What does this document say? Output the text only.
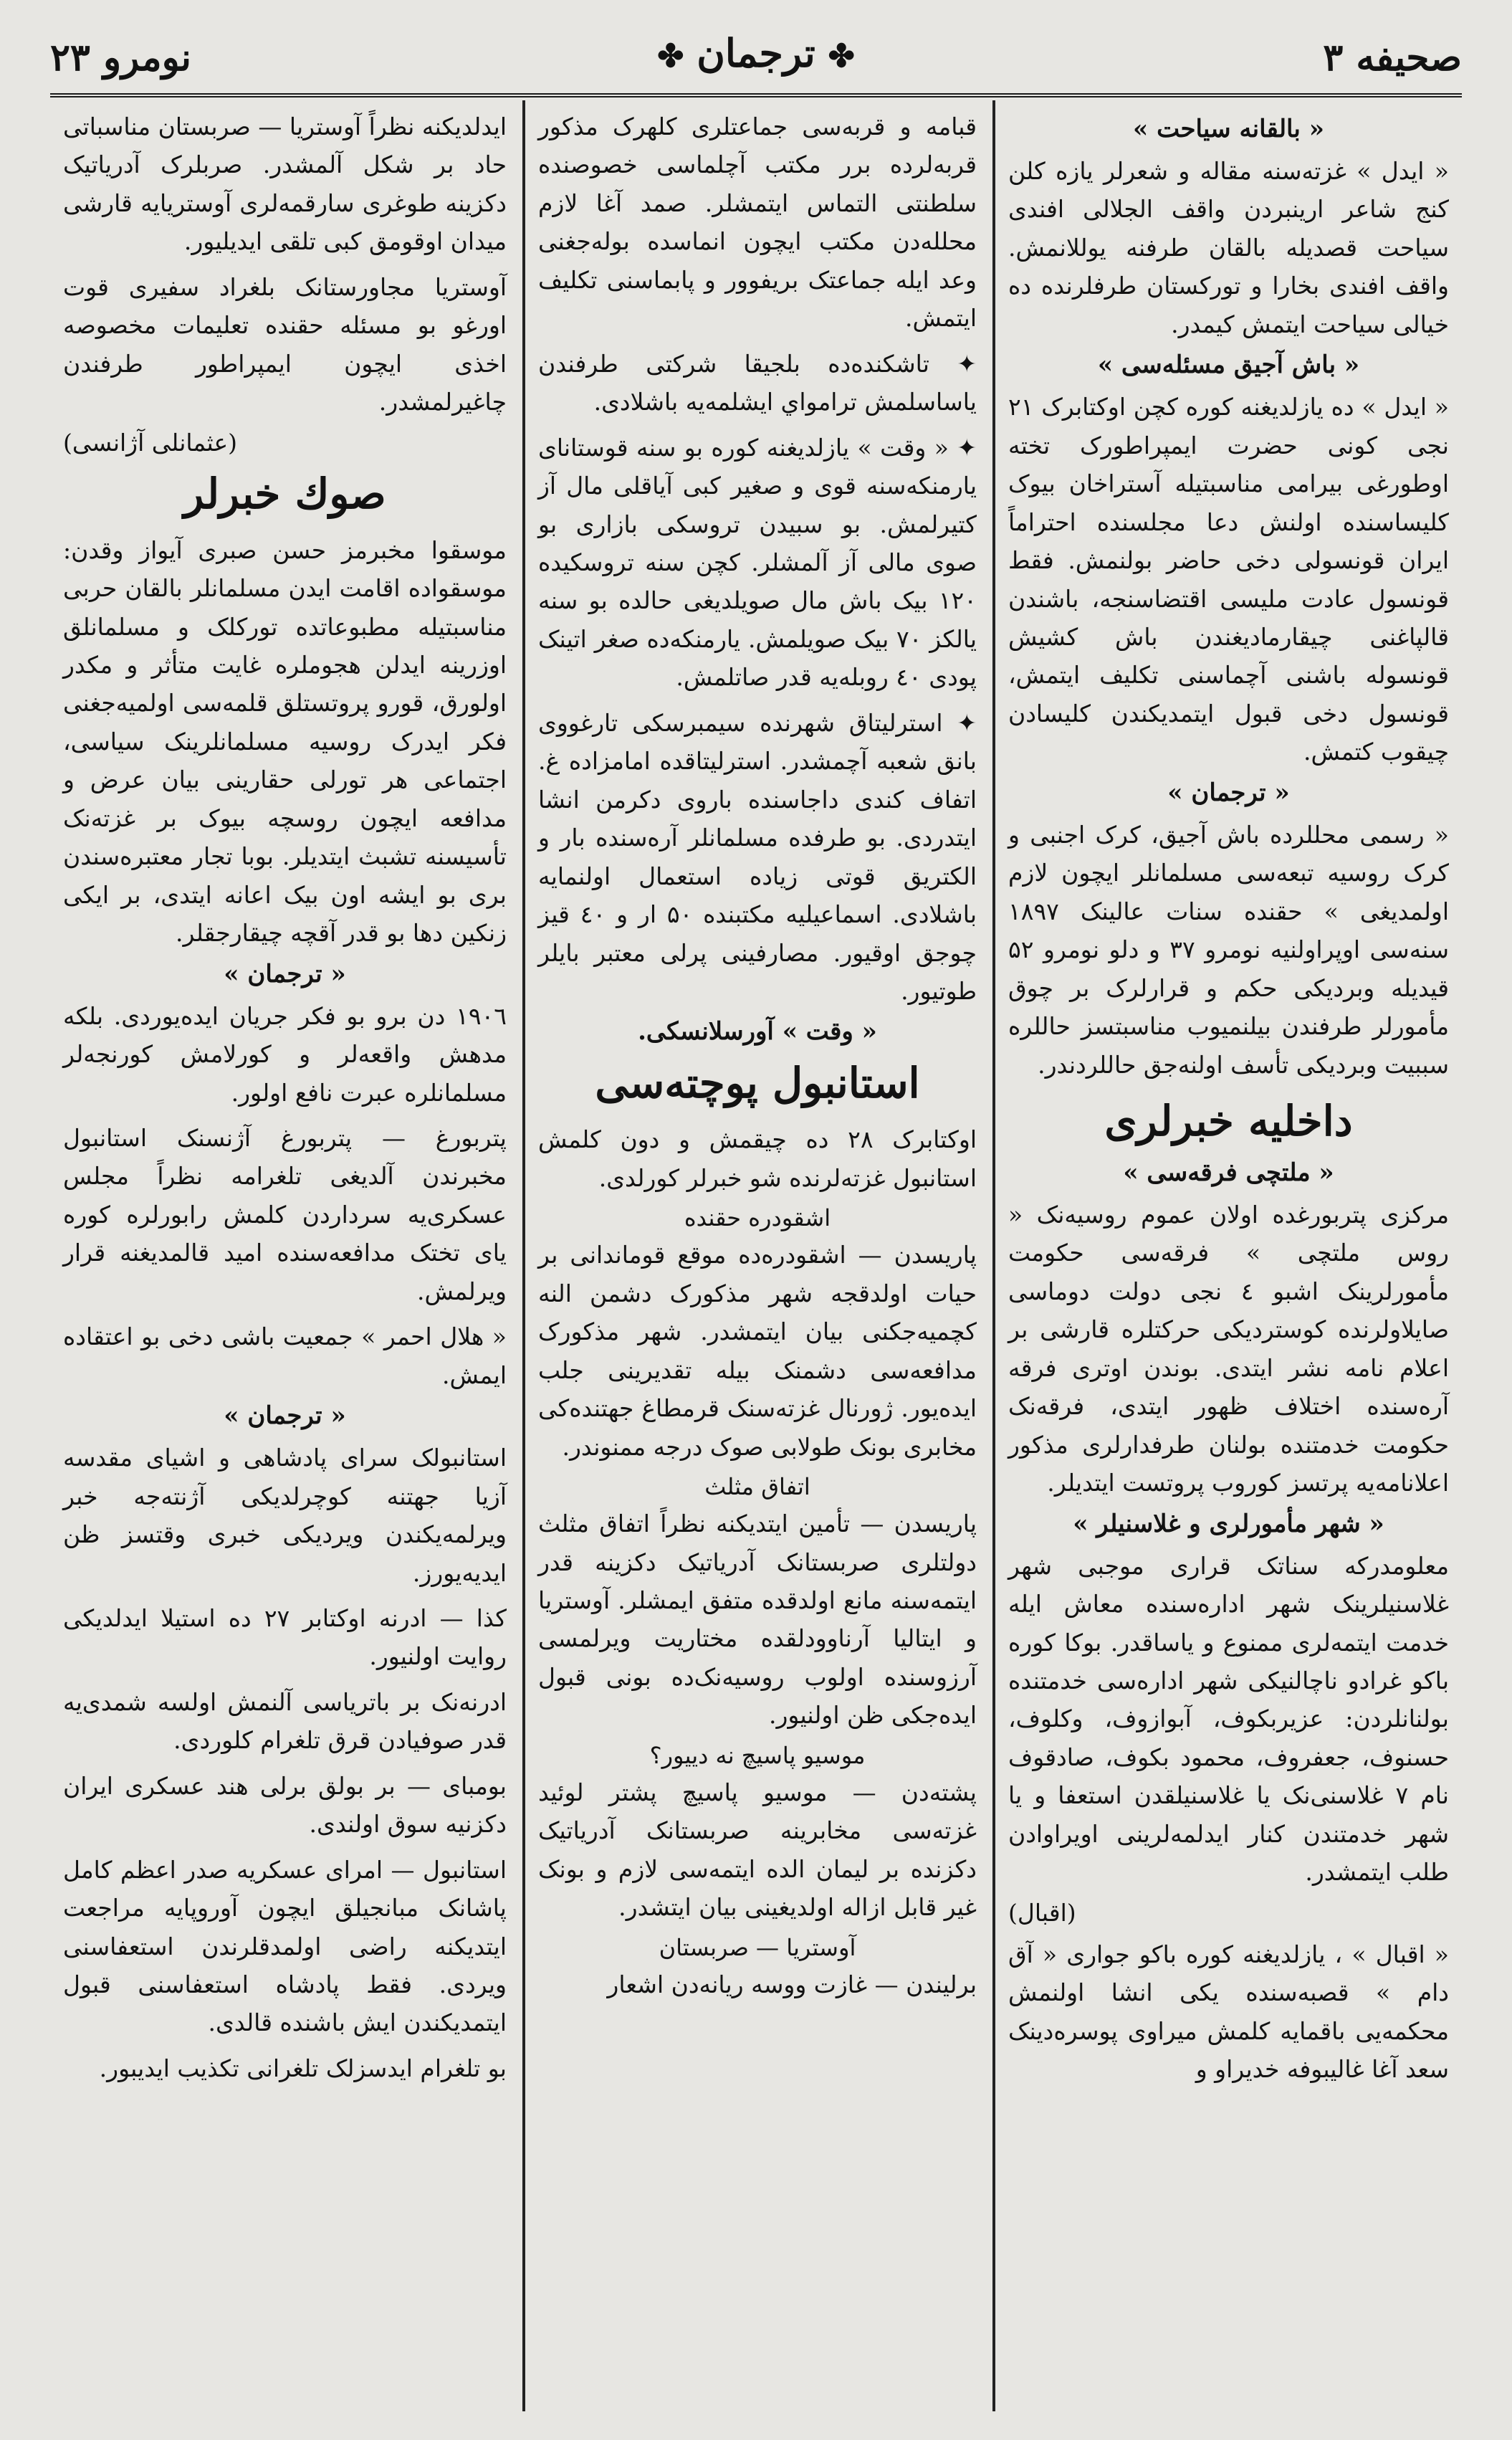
صحیفه ۳
✤ترجمان✤
نومرو ۲۳
« بالقانه سیاحت »

« ایدل » غزته‌سنه مقاله و شعرلر یازه کلن کنج شاعر ارینبردن واقف الجلالی افندی سیاحت قصدیله بالقان طرفنه یوللانمش. واقف افندی بخارا و تورکستان طرفلرنده ده خیالی سیاحت ایتمش کیمدر.

« باش آجیق مسئله‌سی »

« ایدل » ده یازلدیغنه کوره کچن اوکتابرک ۲۱ نجی کونی حضرت ایمپراطورک تخته اوطورغی بیرامی مناسبتیله آستراخان بیوک کلیساسنده اولنش دعا مجلسنده احتراماً ایران قونسولی دخی حاضر بولنمش. فقط قونسول عادت ملیسی اقتضاسنجه، باشندن قالپاغنی چیقارمادیغندن باش کشیش قونسوله باشنی آچماسنی تکلیف ایتمش، قونسول دخی قبول ایتمدیکندن کلیسادن چیقوب کتمش.

« ترجمان »

« رسمی محللرده باش آجیق، کرک اجنبی و کرک روسیه تبعه‌سی مسلمانلر ایچون لازم اولمدیغی » حقنده سنات عالینک ۱۸۹۷ سنه‌سی اوپراولنیه نومرو ۳۷ و دلو نومرو ۵۲ قیدیله وبردیکی حکم و قرارلرک بر چوق مأمورلر طرفندن بیلنمیوب مناسبتسز حاللره سببیت وبردیکی تأسف اولنه‌جق حاللردندر.

داخلیه خبرلری
« ملتچی فرقه‌سی »

مرکزی پتربورغده اولان عموم روسیه‌نک « روس ملتچی » فرقه‌سی حکومت مأمورلرینک اشبو ٤ نجی دولت دوماسی صایلاولرنده کوستردیکی حرکتلره قارشی بر اعلام نامه نشر ایتدی. بوندن اوتری فرقه آره‌سنده اختلاف ظهور ایتدی، فرقه‌نک حکومت خدمتنده بولنان طرفدارلری مذکور اعلانامه‌یه پرتسز کوروب پروتست ایتدیلر.

« شهر مأمورلری و غلاسنیلر »

معلومدرکه سناتک قراری موجبی شهر غلاسنیلرینک شهر اداره‌سنده معاش ایله خدمت ایتمه‌لری ممنوع و یاساقدر. بوکا کوره باکو غرادو ناچالنیکی شهر اداره‌سی خدمتنده بولنانلردن: عزیربکوف، آبوازوف، وکلوف، حسنوف، جعفروف، محمود بکوف، صادقوف نام ۷ غلاسنی‌نک یا غلاسنیلقدن استعفا و یا شهر خدمتندن کنار ایدلمه‌لرینی اویراوادن طلب ایتمشدر.

(اقبال)

« اقبال » ، یازلدیغنه کوره باکو جواری « آق دام » قصبه‌سنده یکی انشا اولنمش محکمه‌یی باقمایه کلمش میراوی پوسره‌دینک سعد آغا غالیبوفه خدیراو و

قبامه و قربه‌سی جماعتلری کلهرک مذکور قربه‌لرده برر مکتب آچلماسی خصوصنده سلطنتی التماس ایتمشلر. صمد آغا لازم محلله‌دن مکتب ایچون انماسده بوله‌جغنی وعد ایله جماعتک بریفوور و پابماسنی تکلیف ایتمش.

✦ تاشکنده‌ده بلجیقا شرکتی طرفندن یاساسلمش ترامواي ایشلمه‌یه باشلادی.

✦ « وقت » یازلدیغنه کوره بو سنه قوستانای یارمنکه‌سنه قوی و صغیر کبی آیاقلی مال آز کتیرلمش. بو سبیدن تروسکی بازاری بو صوی مالی آز آلمشلر. کچن سنه تروسکیده ۱۲۰ بیک باش مال صویلدیغی حالده بو سنه یالکز ۷۰ بیک صویلمش. یارمنکه‌ده صغر اتینک پودی ٤٠ روبله‌یه قدر صاتلمش.

✦ استرلیتاق شهرنده سیمبرسکی تارغووی بانق شعبه آچمشدر. استرلیتاقده امامزاده غ. اتفاف کندی داجاسنده باروی دکرمن انشا ایتدردی. بو طرفده مسلمانلر آره‌سنده بار و الکتریق قوتی زیاده استعمال اولنمایه باشلادی. اسماعیلیه مکتبنده ۵۰ ار و ٤٠ قیز چوجق اوقیور. مصارفینی پرلی معتبر بایلر طوتیور.

« وقت » آورسلانسکی.
استانبول پوچته‌سی

اوکتابرک ۲۸ ده چیقمش و دون کلمش استانبول غزته‌لرنده شو خبرلر کورلدی.

اشقودره حقنده

پاریسدن — اشقودره‌ده موقع قوماندانی بر حیات اولدقجه شهر مذکورک دشمن النه کچمیه‌جکنی بیان ایتمشدر. شهر مذکورک مدافعه‌سی دشمنک بیله تقدیرینی جلب ایده‌یور. ژورنال غزته‌سنک قرمطاغ جهتنده‌کی مخابری بونک طولابی صوک درجه ممنوندر.

اتفاق مثلث

پاریسدن — تأمین ایتدیکنه نظراً اتفاق مثلث دولتلری صربستانک آدریاتیک دکزینه قدر ایتمه‌سنه مانع اولدقده متفق ایمشلر. آوستریا و ایتالیا آرناوودلقده مختاریت ویرلمسی آرزوسنده اولوب روسیه‌نک‌ده بونی قبول ایده‌جکی ظن اولنیور.

موسیو پاسیچ نه دییور؟

پشته‌دن — موسیو پاسیچ پشتر لوئید غزته‌سی مخابرینه صربستانک آدریاتیک دکزنده بر لیمان الده ایتمه‌سی لازم و بونک غیر قابل ازاله اولدیغینی بیان ایتشدر.

آوستریا — صربستان

برلیندن — غازت ووسه ریانه‌دن اشعار

ایدلدیکنه نظراً آوستریا — صربستان مناسباتی حاد بر شکل آلمشدر. صربلرک آدریاتیک دکزینه طوغری سارقمه‌لری آوستریایه قارشی میدان اوقومق کبی تلقی ایدیلیور.

آوستریا مجاورستانک بلغراد سفیری قوت اورغو بو مسئله حقنده تعلیمات مخصوصه اخذی ایچون ایمپراطور طرفندن چاغیرلمشدر.

(عثمانلی آژانسی)
صوك خبرلر

موسقوا مخبرمز حسن صبری آیواز وقدن: موسقواده اقامت ایدن مسلمانلر بالقان حربی مناسبتیله مطبوعاتده تورکلک و مسلمانلق اوزرینه ایدلن هجوملره غایت متأثر و مکدر اولورق، قورو پروتستلق قلمه‌سی اولمیه‌جغنی فکر ایدرک روسیه مسلمانلرینک سیاسی، اجتماعی هر تورلی حقارینی بیان عرض و مدافعه ایچون روسچه بیوک بر غزته‌نک تأسیسنه تشبث ایتدیلر. بوبا تجار معتبره‌سندن بری بو ایشه اون بیک اعانه ایتدی، بر ایکی زنکین دها بو قدر آقچه چیقارجقلر.

« ترجمان »

۱۹۰٦ دن برو بو فکر جریان ایده‌یوردی. بلکه مدهش واقعه‌لر و کورلامش کورنجه‌لر مسلمانلره عبرت نافع اولور.

پتربورغ — پتربورغ آژنسنک استانبول مخبرندن آلدیغی تلغرامه نظراً مجلس عسکری‌یه سرداردن کلمش رابورلره کوره یای تختک مدافعه‌سنده امید قالمدیغنه قرار ویرلمش.

« هلال احمر » جمعیت باشی دخی بو اعتقاده ایمش.

« ترجمان »

استانبولک سرای پادشاهی و اشیای مقدسه آزیا جهتنه کوچرلدیکی آژنته‌جه خبر ویرلمه‌یکندن ویردیکی خبری وقتسز ظن ایدیه‌یورز.

کذا — ادرنه اوکتابر ۲۷ ده استیلا ایدلدیکی روایت اولنیور.

ادرنه‌نک بر باتریاسی آلنمش اولسه شمدی‌یه قدر صوفیادن قرق تلغرام کلوردی.

بومبای — بر بولق برلی هند عسکری ایران دکزنیه سوق اولندی.

استانبول — امرای عسکریه صدر اعظم کامل پاشانک مبانجیلق ایچون آوروپایه مراجعت ایتدیکنه راضی اولمدقلرندن استعفاسنی ویردی. فقط پادشاه استعفاسنی قبول ایتمدیکندن ایش باشنده قالدی.

بو تلغرام ایدسزلک تلغرانی تکذیب ایدیبور.
